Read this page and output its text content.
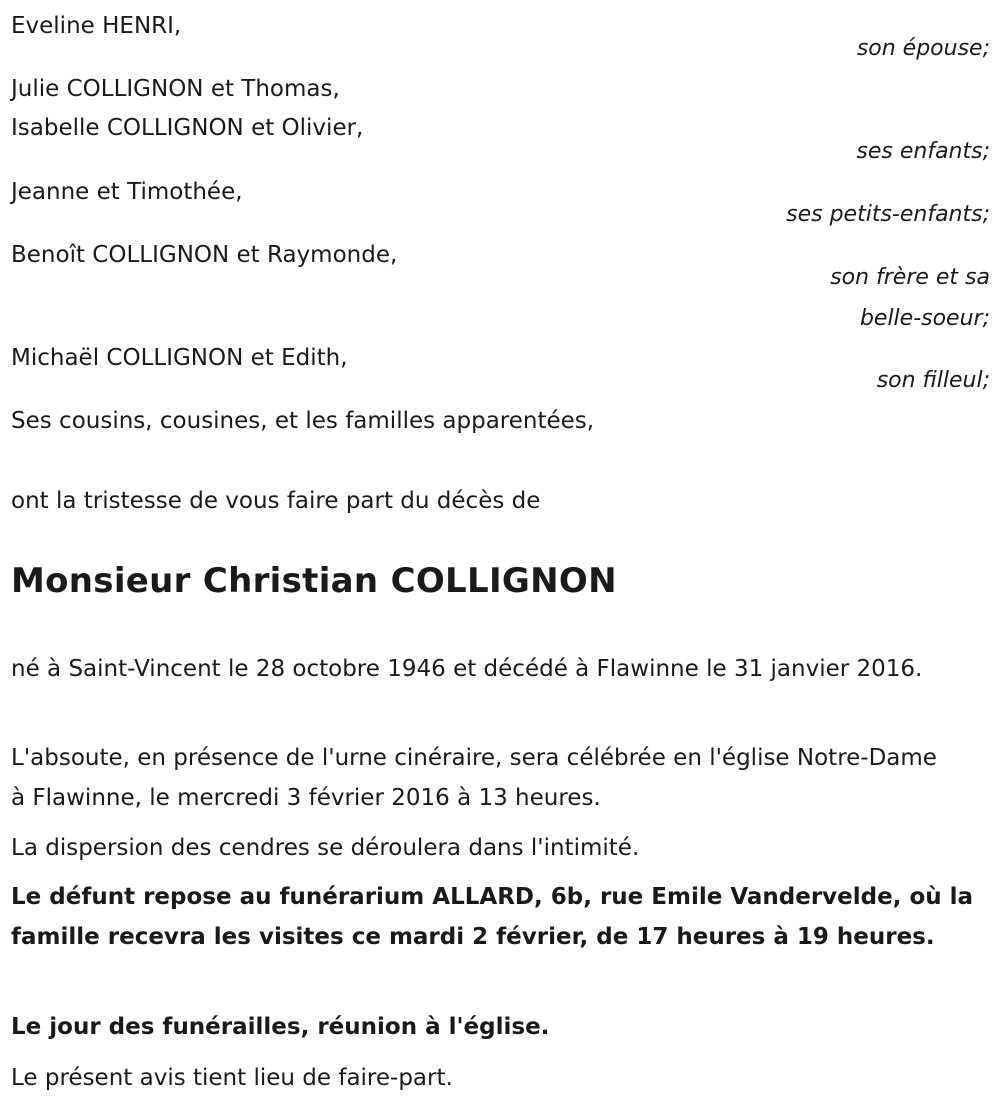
Eveline HENRI,

son épouse;

Julie COLLIGNON et Thomas,

Isabelle COLLIGNON et Olivier,

ses enfants;

Jeanne et Timothée,

ses petits-enfants;

Benoît COLLIGNON et Raymonde,

son frère et sa

belle-soeur;

Michaël COLLIGNON et Edith,

son filleul;

Ses cousins, cousines, et les familles apparentées,

ont la tristesse de vous faire part du décès de

Monsieur Christian COLLIGNON

né à Saint-Vincent le 28 octobre 1946 et décédé à Flawinne le 31 janvier 2016.

L'absoute, en présence de l'urne cinéraire, sera célébrée en l'église Notre-Dame à Flawinne, le mercredi 3 février 2016 à 13 heures.

La dispersion des cendres se déroulera dans l'intimité.

Le défunt repose au funérarium ALLARD, 6b, rue Emile Vandervelde, où la famille recevra les visites ce mardi 2 février, de 17 heures à 19 heures.

Le jour des funérailles, réunion à l'église.

Le présent avis tient lieu de faire-part.
